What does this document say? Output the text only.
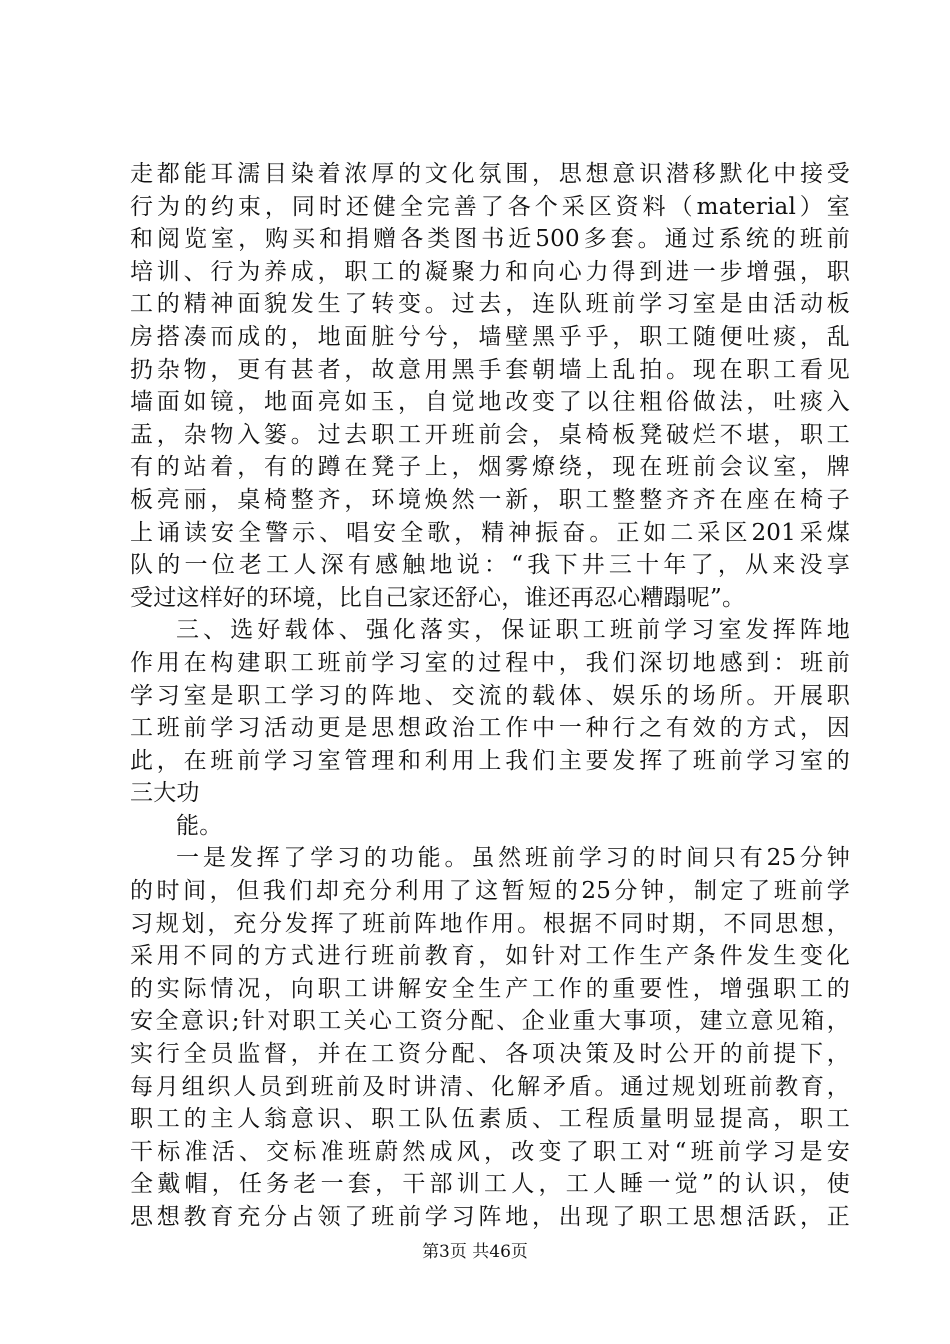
走都能耳濡目染着浓厚的文化氛围，思想意识潜移默化中接受
行为的约束，同时还健全完善了各个采区资料（material）室
和阅览室，购买和捐赠各类图书近500多套。通过系统的班前
培训、行为养成，职工的凝聚力和向心力得到进一步增强，职
工的精神面貌发生了转变。过去，连队班前学习室是由活动板
房搭凑而成的，地面脏兮兮，墙壁黑乎乎，职工随便吐痰，乱
扔杂物，更有甚者，故意用黑手套朝墙上乱拍。现在职工看见
墙面如镜，地面亮如玉，自觉地改变了以往粗俗做法，吐痰入
盂，杂物入篓。过去职工开班前会，桌椅板凳破烂不堪，职工
有的站着，有的蹲在凳子上，烟雾燎绕，现在班前会议室，牌
板亮丽，桌椅整齐，环境焕然一新，职工整整齐齐在座在椅子
上诵读安全警示、唱安全歌，精神振奋。正如二采区201采煤
队的一位老工人深有感触地说：“我下井三十年了，从来没享
受过这样好的环境，比自己家还舒心，谁还再忍心糟蹋呢”。
三、选好载体、强化落实，保证职工班前学习室发挥阵地
作用在构建职工班前学习室的过程中，我们深切地感到：班前
学习室是职工学习的阵地、交流的载体、娱乐的场所。开展职
工班前学习活动更是思想政治工作中一种行之有效的方式，因
此，在班前学习室管理和利用上我们主要发挥了班前学习室的
三大功
能。
一是发挥了学习的功能。虽然班前学习的时间只有25分钟
的时间，但我们却充分利用了这暂短的25分钟，制定了班前学
习规划，充分发挥了班前阵地作用。根据不同时期，不同思想，
采用不同的方式进行班前教育，如针对工作生产条件发生变化
的实际情况，向职工讲解安全生产工作的重要性，增强职工的
安全意识;针对职工关心工资分配、企业重大事项，建立意见箱，
实行全员监督，并在工资分配、各项决策及时公开的前提下，
每月组织人员到班前及时讲清、化解矛盾。通过规划班前教育，
职工的主人翁意识、职工队伍素质、工程质量明显提高，职工
干标准活、交标准班蔚然成风，改变了职工对“班前学习是安
全戴帽，任务老一套，干部训工人，工人睡一觉”的认识，使
思想教育充分占领了班前学习阵地，出现了职工思想活跃，正
第3页 共46页
